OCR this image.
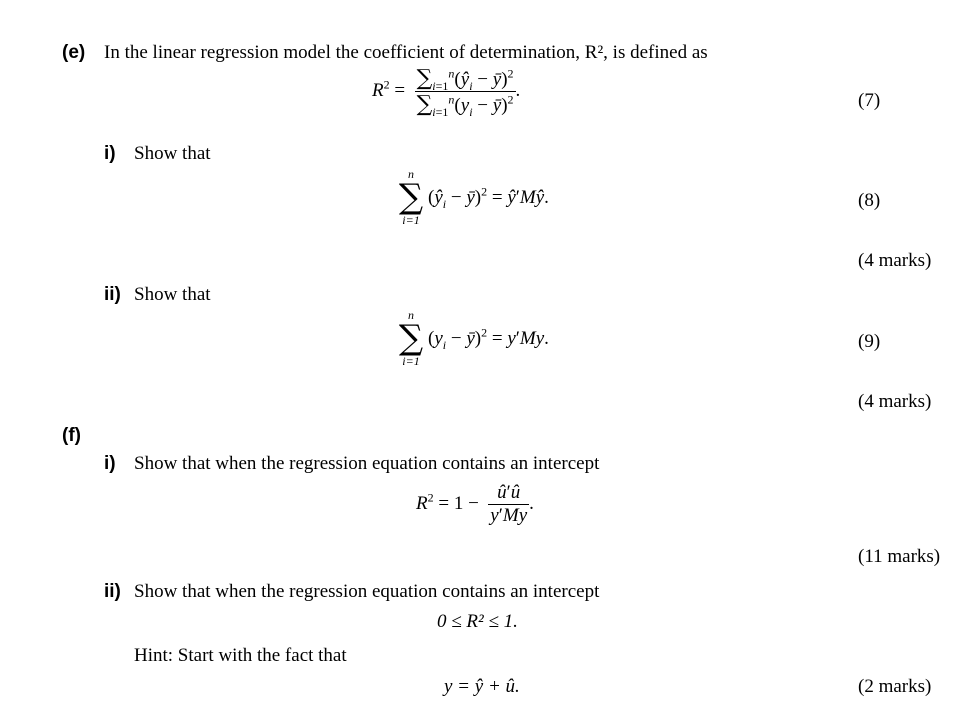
(e) In the linear regression model the coefficient of determination, R², is defined as
$R^2 = \frac{\sum_{i=1}^n(ŷ_i - ȳ)^2}{\sum_{i=1}^n(y_i - ȳ)^2}$ .	(7)
i) Show that
n
∑
i=1
($ŷ_i$ − ȳ)$^2$ = ŷ′Mŷ.	(8)
(4 marks)
ii) Show that
n
∑
i=1
($y_i$ − ȳ)$^2$ = y′My.	(9)
(4 marks)
(f)
i) Show that when the regression equation contains an intercept
$R^2 = 1 - \frac{û'û}{y'My}$ .
(11 marks)
ii) Show that when the regression equation contains an intercept
0 ≤ R² ≤ 1.
Hint: Start with the fact that
y = ŷ + û.	(2 marks)
